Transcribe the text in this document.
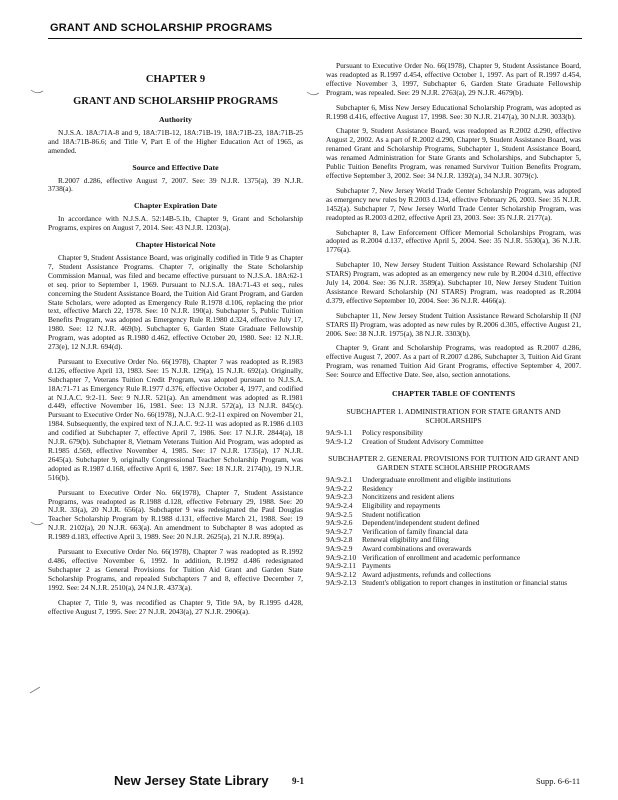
GRANT AND SCHOLARSHIP PROGRAMS
CHAPTER 9
GRANT AND SCHOLARSHIP PROGRAMS
Authority

N.J.S.A. 18A:71A-8 and 9, 18A:71B-12, 18A:71B-19, 18A:71B-23, 18A:71B-25 and 18A:71B-86.6; and Title V, Part E of the Higher Education Act of 1965, as amended.

Source and Effective Date

R.2007 d.286, effective August 7, 2007. See: 39 N.J.R. 1375(a), 39 N.J.R. 3738(a).

Chapter Expiration Date

In accordance with N.J.S.A. 52:14B-5.1b, Chapter 9, Grant and Scholarship Programs, expires on August 7, 2014. See: 43 N.J.R. 1203(a).

Chapter Historical Note

Chapter 9, Student Assistance Board, was originally codified in Title 9 as Chapter 7, Student Assistance Programs. Chapter 7, originally the State Scholarship Commission Manual, was filed and became effective pursuant to N.J.S.A. 18A:62-1 et seq. prior to September 1, 1969. Pursuant to N.J.S.A. 18A:71-43 et seq., rules concerning the Student Assistance Board, the Tuition Aid Grant Program, and Garden State Scholars, were adopted as Emergency Rule R.1978 d.106, replacing the prior text, effective March 22, 1978. See: 10 N.J.R. 190(a). Subchapter 5, Public Tuition Benefits Program, was adopted as Emergency Rule R.1980 d.324, effective July 17, 1980. See: 12 N.J.R. 469(b). Subchapter 6, Garden State Graduate Fellowship Program, was adopted as R.1980 d.462, effective October 20, 1980. See: 12 N.J.R. 273(e), 12 N.J.R. 694(d).

Pursuant to Executive Order No. 66(1978), Chapter 7 was readopted as R.1983 d.126, effective April 13, 1983. See: 15 N.J.R. 129(a), 15 N.J.R. 692(a). Originally, Subchapter 7, Veterans Tuition Credit Program, was adopted pursuant to N.J.S.A. 18A:71-71 as Emergency Rule R.1977 d.376, effective October 4, 1977, and codified at N.J.A.C. 9:2-11. See: 9 N.J.R. 521(a). An amendment was adopted as R.1981 d.449, effective November 16, 1981. See: 13 N.J.R. 572(a), 13 N.J.R. 845(c). Pursuant to Executive Order No. 66(1978), N.J.A.C. 9:2-11 expired on November 21, 1984. Subsequently, the expired text of N.J.A.C. 9:2-11 was adopted as R.1986 d.103 and codified at Subchapter 7, effective April 7, 1986. See: 17 N.J.R. 2844(a), 18 N.J.R. 679(b). Subchapter 8, Vietnam Veterans Tuition Aid Program, was adopted as R.1985 d.569, effective November 4, 1985. See: 17 N.J.R. 1735(a), 17 N.J.R. 2645(a). Subchapter 9, originally Congressional Teacher Scholarship Program, was adopted as R.1987 d.168, effective April 6, 1987. See: 18 N.J.R. 2174(b), 19 N.J.R. 516(b).

Pursuant to Executive Order No. 66(1978), Chapter 7, Student Assistance Programs, was readopted as R.1988 d.128, effective February 29, 1988. See: 20 N.J.R. 33(a), 20 N.J.R. 656(a). Subchapter 9 was redesignated the Paul Douglas Teacher Scholarship Program by R.1988 d.131, effective March 21, 1988. See: 19 N.J.R. 2102(a), 20 N.J.R. 663(a). An amendment to Subchapter 8 was adopted as R.1989 d.183, effective April 3, 1989. See: 20 N.J.R. 2625(a), 21 N.J.R. 899(a).

Pursuant to Executive Order No. 66(1978), Chapter 7 was readopted as R.1992 d.486, effective November 6, 1992. In addition, R.1992 d.486 redesignated Subchapter 2 as General Provisions for Tuition Aid Grant and Garden State Scholarship Programs, and repealed Subchapters 7 and 8, effective December 7, 1992. See: 24 N.J.R. 2510(a), 24 N.J.R. 4373(a).

Chapter 7, Title 9, was recodified as Chapter 9, Title 9A, by R.1995 d.428, effective August 7, 1995. See: 27 N.J.R. 2043(a), 27 N.J.R. 2906(a).

Pursuant to Executive Order No. 66(1978), Chapter 9, Student Assistance Board, was readopted as R.1997 d.454, effective October 1, 1997. As part of R.1997 d.454, effective November 3, 1997, Subchapter 6, Garden State Graduate Fellowship Program, was repealed. See: 29 N.J.R. 2763(a), 29 N.J.R. 4679(b).

Subchapter 6, Miss New Jersey Educational Scholarship Program, was adopted as R.1998 d.416, effective August 17, 1998. See: 30 N.J.R. 2147(a), 30 N.J.R. 3033(b).

Chapter 9, Student Assistance Board, was readopted as R.2002 d.290, effective August 2, 2002. As a part of R.2002 d.290, Chapter 9, Student Assistance Board, was renamed Grant and Scholarship Programs, Subchapter 1, Student Assistance Board, was renamed Administration for State Grants and Scholarships, and Subchapter 5, Public Tuition Benefits Program, was renamed Survivor Tuition Benefits Program, effective September 3, 2002. See: 34 N.J.R. 1392(a), 34 N.J.R. 3079(c).

Subchapter 7, New Jersey World Trade Center Scholarship Program, was adopted as emergency new rules by R.2003 d.134, effective February 26, 2003. See: 35 N.J.R. 1452(a). Subchapter 7, New Jersey World Trade Center Scholarship Program, was readopted as R.2003 d.202, effective April 23, 2003. See: 35 N.J.R. 2177(a).

Subchapter 8, Law Enforcement Officer Memorial Scholarships Program, was adopted as R.2004 d.137, effective April 5, 2004. See: 35 N.J.R. 5530(a), 36 N.J.R. 1776(a).

Subchapter 10, New Jersey Student Tuition Assistance Reward Scholarship (NJ STARS) Program, was adopted as an emergency new rule by R.2004 d.310, effective July 14, 2004. See: 36 N.J.R. 3589(a). Subchapter 10, New Jersey Student Tuition Assistance Reward Scholarship (NJ STARS) Program, was readopted as R.2004 d.379, effective September 10, 2004. See: 36 N.J.R. 4466(a).

Subchapter 11, New Jersey Student Tuition Assistance Reward Scholarship II (NJ STARS II) Program, was adopted as new rules by R.2006 d.305, effective August 21, 2006. See: 38 N.J.R. 1975(a), 38 N.J.R. 3303(b).

Chapter 9, Grant and Scholarship Programs, was readopted as R.2007 d.286, effective August 7, 2007. As a part of R.2007 d.286, Subchapter 3, Tuition Aid Grant Program, was renamed Tuition Aid Grant Programs, effective September 4, 2007. See: Source and Effective Date. See, also, section annotations.

CHAPTER TABLE OF CONTENTS
SUBCHAPTER 1. ADMINISTRATION FOR STATE GRANTS AND SCHOLARSHIPS
9A:9-1.1	Policy responsibility
9A:9-1.2	Creation of Student Advisory Committee
SUBCHAPTER 2. GENERAL PROVISIONS FOR TUITION AID GRANT AND GARDEN STATE SCHOLARSHIP PROGRAMS
9A:9-2.1	Undergraduate enrollment and eligible institutions
9A:9-2.2	Residency
9A:9-2.3	Noncitizens and resident aliens
9A:9-2.4	Eligibility and repayments
9A:9-2.5	Student notification
9A:9-2.6	Dependent/independent student defined
9A:9-2.7	Verification of family financial data
9A:9-2.8	Renewal eligibility and filing
9A:9-2.9	Award combinations and overawards
9A:9-2.10 Verification of enrollment and academic performance
9A:9-2.11 Payments
9A:9-2.12 Award adjustments, refunds and collections
9A:9-2.13 Student's obligation to report changes in institution or financial status
New Jersey State Library	9-1	Supp. 6-6-11
